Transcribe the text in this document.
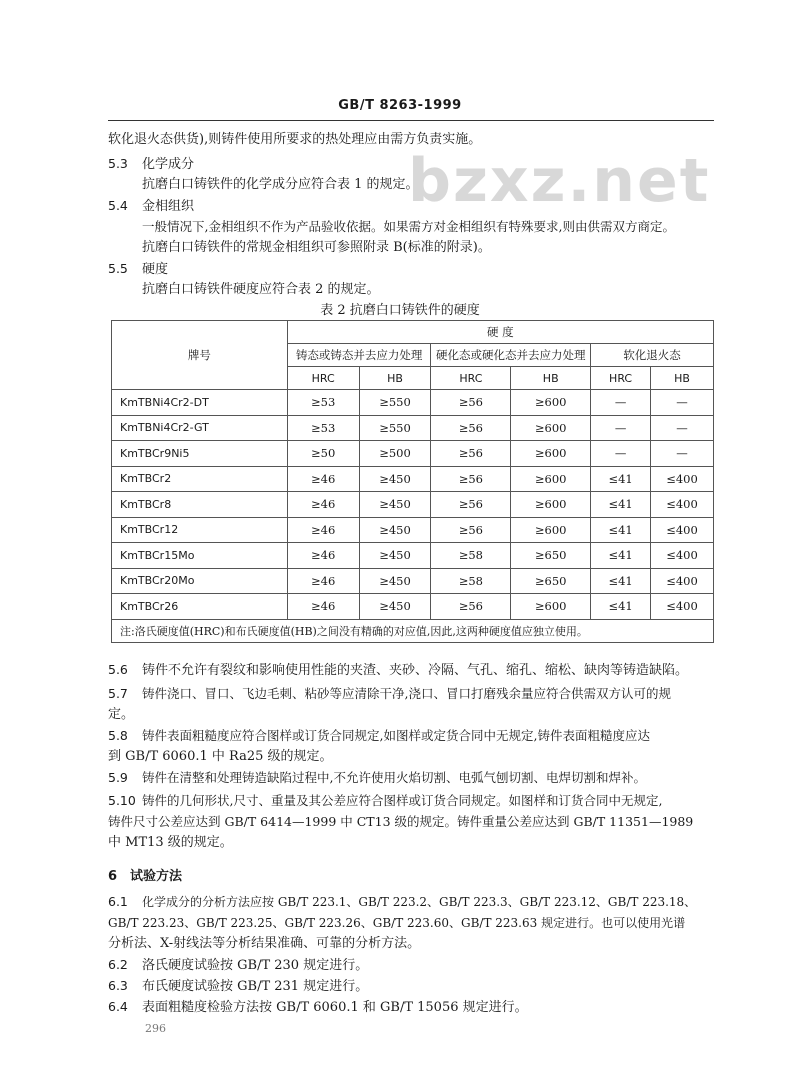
GB/T 8263-1999
bzxz.net
软化退火态供货),则铸件使用所要求的热处理应由需方负责实施。
5.3 化学成分
抗磨白口铸铁件的化学成分应符合表 1 的规定。
5.4 金相组织
一般情况下,金相组织不作为产品验收依据。如果需方对金相组织有特殊要求,则由供需双方商定。
抗磨白口铸铁件的常规金相组织可参照附录 B(标准的附录)。
5.5 硬度
抗磨白口铸铁件硬度应符合表 2 的规定。
表 2 抗磨白口铸铁件的硬度
牌号	硬 度					
	铸态或铸态并去应力处理		硬化态或硬化态并去应力处理		软化退火态	
	HRC	HB	HRC	HB	HRC	HB
KmTBNi4Cr2-DT	≥53	≥550	≥56	≥600	—	—
KmTBNi4Cr2-GT	≥53	≥550	≥56	≥600	—	—
KmTBCr9Ni5	≥50	≥500	≥56	≥600	—	—
KmTBCr2	≥46	≥450	≥56	≥600	≤41	≤400
KmTBCr8	≥46	≥450	≥56	≥600	≤41	≤400
KmTBCr12	≥46	≥450	≥56	≥600	≤41	≤400
KmTBCr15Mo	≥46	≥450	≥58	≥650	≤41	≤400
KmTBCr20Mo	≥46	≥450	≥58	≥650	≤41	≤400
KmTBCr26	≥46	≥450	≥56	≥600	≤41	≤400
注:洛氏硬度值(HRC)和布氏硬度值(HB)之间没有精确的对应值,因此,这两种硬度值应独立使用。						
5.6 铸件不允许有裂纹和影响使用性能的夹渣、夹砂、冷隔、气孔、缩孔、缩松、缺肉等铸造缺陷。
5.7 铸件浇口、冒口、飞边毛刺、粘砂等应清除干净,浇口、冒口打磨残余量应符合供需双方认可的规
定。
5.8 铸件表面粗糙度应符合图样或订货合同规定,如图样或定货合同中无规定,铸件表面粗糙度应达
到 GB/T 6060.1 中 Ra25 级的规定。
5.9 铸件在清整和处理铸造缺陷过程中,不允许使用火焰切割、电弧气刨切割、电焊切割和焊补。
5.10 铸件的几何形状,尺寸、重量及其公差应符合图样或订货合同规定。如图样和订货合同中无规定,
铸件尺寸公差应达到 GB/T 6414—1999 中 CT13 级的规定。铸件重量公差应达到 GB/T 11351—1989
中 MT13 级的规定。
6 试验方法
6.1 化学成分的分析方法应按 GB/T 223.1、GB/T 223.2、GB/T 223.3、GB/T 223.12、GB/T 223.18、
GB/T 223.23、GB/T 223.25、GB/T 223.26、GB/T 223.60、GB/T 223.63 规定进行。也可以使用光谱
分析法、X-射线法等分析结果准确、可靠的分析方法。
6.2 洛氏硬度试验按 GB/T 230 规定进行。
6.3 布氏硬度试验按 GB/T 231 规定进行。
6.4 表面粗糙度检验方法按 GB/T 6060.1 和 GB/T 15056 规定进行。
296
